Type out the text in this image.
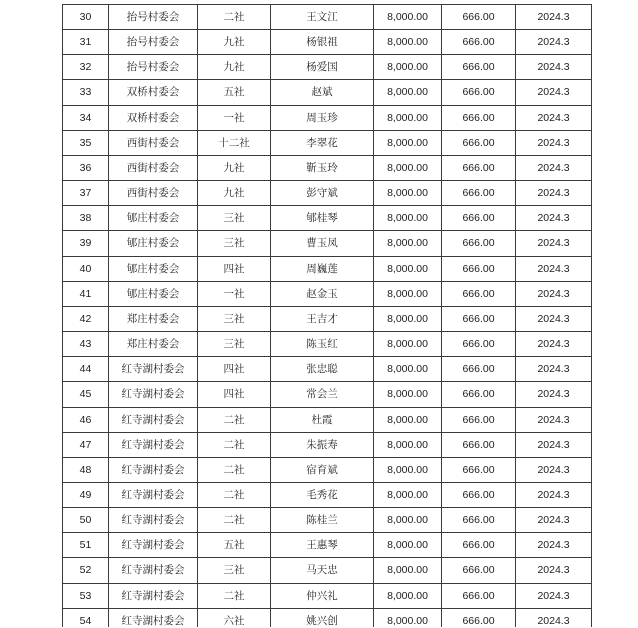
30	抬号村委会	二社	王文江	8,000.00	666.00	2024.3
31	抬号村委会	九社	杨银祖	8,000.00	666.00	2024.3
32	抬号村委会	九社	杨爱国	8,000.00	666.00	2024.3
33	双桥村委会	五社	赵斌	8,000.00	666.00	2024.3
34	双桥村委会	一社	周玉珍	8,000.00	666.00	2024.3
35	西街村委会	十二社	李翠花	8,000.00	666.00	2024.3
36	西街村委会	九社	靳玉玲	8,000.00	666.00	2024.3
37	西街村委会	九社	彭守斌	8,000.00	666.00	2024.3
38	郇庄村委会	三社	郇桂琴	8,000.00	666.00	2024.3
39	郇庄村委会	三社	曹玉凤	8,000.00	666.00	2024.3
40	郇庄村委会	四社	周巍莲	8,000.00	666.00	2024.3
41	郇庄村委会	一社	赵金玉	8,000.00	666.00	2024.3
42	郑庄村委会	三社	王吉才	8,000.00	666.00	2024.3
43	郑庄村委会	三社	陈玉红	8,000.00	666.00	2024.3
44	红寺湖村委会	四社	张忠聪	8,000.00	666.00	2024.3
45	红寺湖村委会	四社	常会兰	8,000.00	666.00	2024.3
46	红寺湖村委会	二社	杜霞	8,000.00	666.00	2024.3
47	红寺湖村委会	二社	朱振寿	8,000.00	666.00	2024.3
48	红寺湖村委会	二社	宿育斌	8,000.00	666.00	2024.3
49	红寺湖村委会	二社	毛秀花	8,000.00	666.00	2024.3
50	红寺湖村委会	二社	陈桂兰	8,000.00	666.00	2024.3
51	红寺湖村委会	五社	王惠琴	8,000.00	666.00	2024.3
52	红寺湖村委会	三社	马天忠	8,000.00	666.00	2024.3
53	红寺湖村委会	二社	仲兴礼	8,000.00	666.00	2024.3
54	红寺湖村委会	六社	姚兴创	8,000.00	666.00	2024.3
